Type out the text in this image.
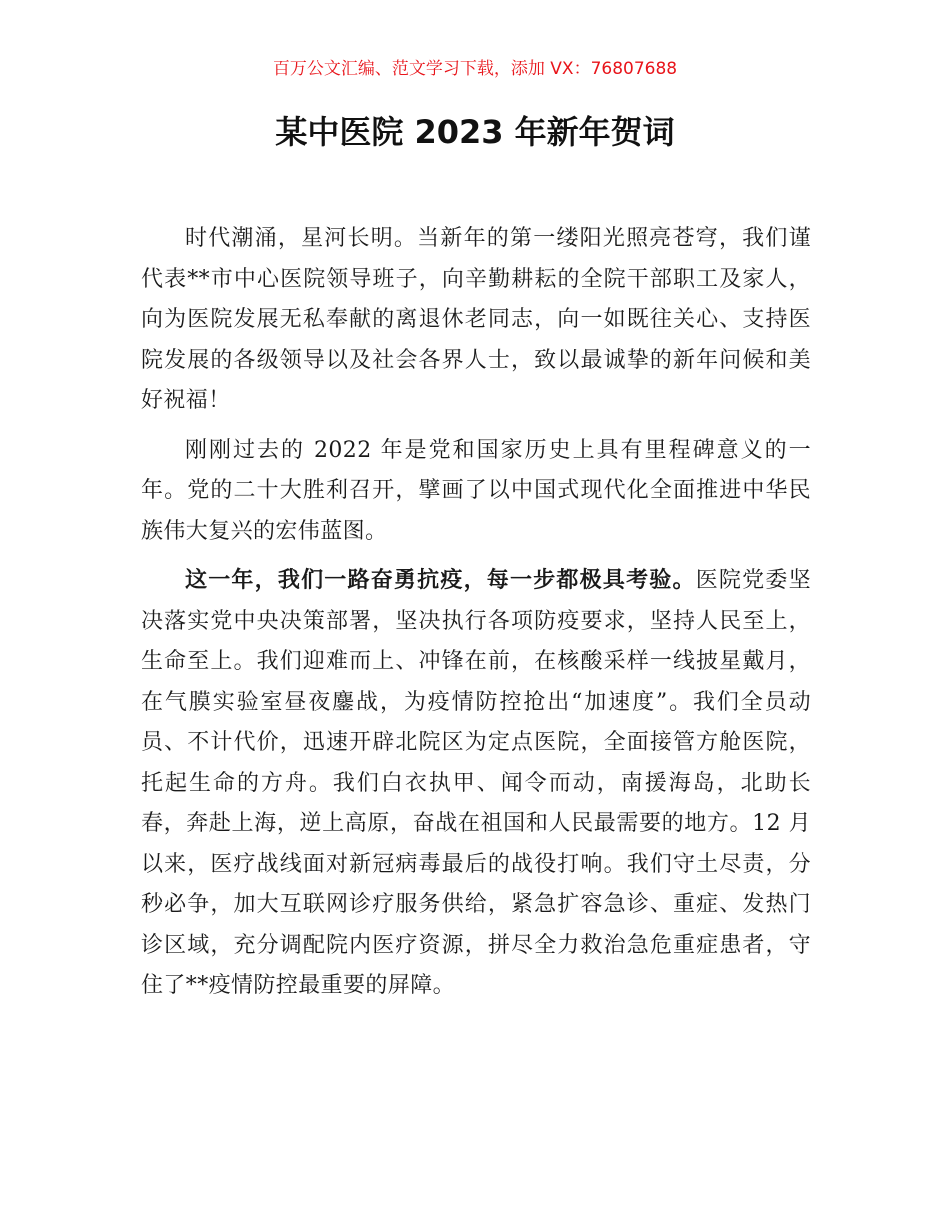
百万公文汇编、范文学习下载，添加 VX：76807688
某中医院 2023 年新年贺词

时代潮涌，星河长明。当新年的第一缕阳光照亮苍穹，我们谨代表**市中心医院领导班子，向辛勤耕耘的全院干部职工及家人，向为医院发展无私奉献的离退休老同志，向一如既往关心、支持医院发展的各级领导以及社会各界人士，致以最诚挚的新年问候和美好祝福！

刚刚过去的 2022 年是党和国家历史上具有里程碑意义的一年。党的二十大胜利召开，擘画了以中国式现代化全面推进中华民族伟大复兴的宏伟蓝图。

这一年，我们一路奋勇抗疫，每一步都极具考验。医院党委坚决落实党中央决策部署，坚决执行各项防疫要求，坚持人民至上，生命至上。我们迎难而上、冲锋在前，在核酸采样一线披星戴月，在气膜实验室昼夜鏖战，为疫情防控抢出“加速度”。我们全员动员、不计代价，迅速开辟北院区为定点医院，全面接管方舱医院，托起生命的方舟。我们白衣执甲、闻令而动，南援海岛，北助长春，奔赴上海，逆上高原，奋战在祖国和人民最需要的地方。12 月以来，医疗战线面对新冠病毒最后的战役打响。我们守土尽责，分秒必争，加大互联网诊疗服务供给，紧急扩容急诊、重症、发热门诊区域，充分调配院内医疗资源，拼尽全力救治急危重症患者，守住了**疫情防控最重要的屏障。
